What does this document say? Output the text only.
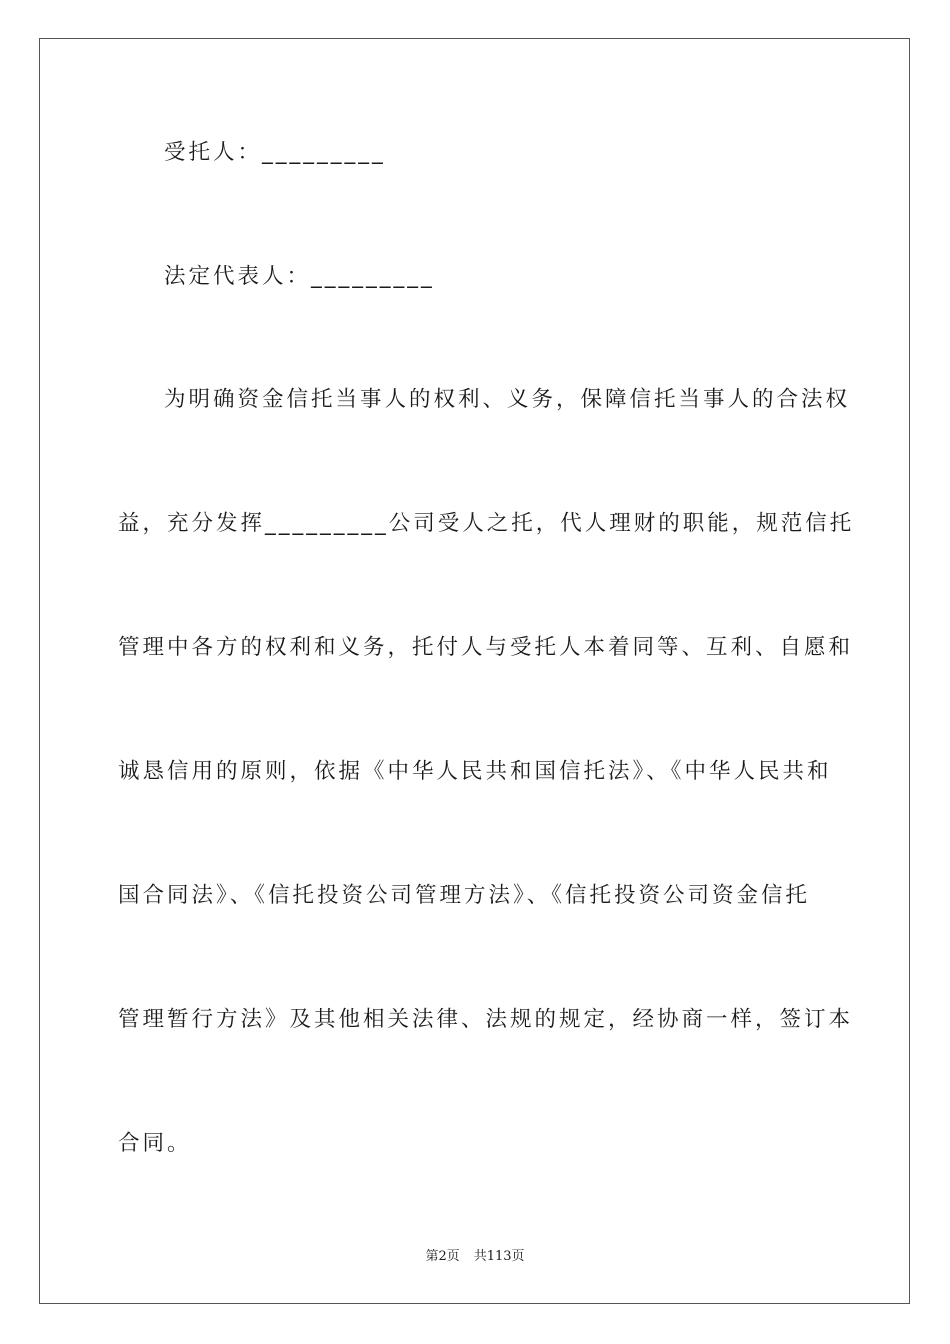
受托人：_________
法定代表人：_________
为明确资金信托当事人的权利、义务，保障信托当事人的合法权
益，充分发挥_________公司受人之托，代人理财的职能，规范信托
管理中各方的权利和义务，托付人与受托人本着同等、互利、自愿和
诚恳信用的原则，依据《中华人民共和国信托法》、《中华人民共和
国合同法》、《信托投资公司管理方法》、《信托投资公司资金信托
管理暂行方法》及其他相关法律、法规的规定，经协商一样，签订本
合同。
第2页 共113页
